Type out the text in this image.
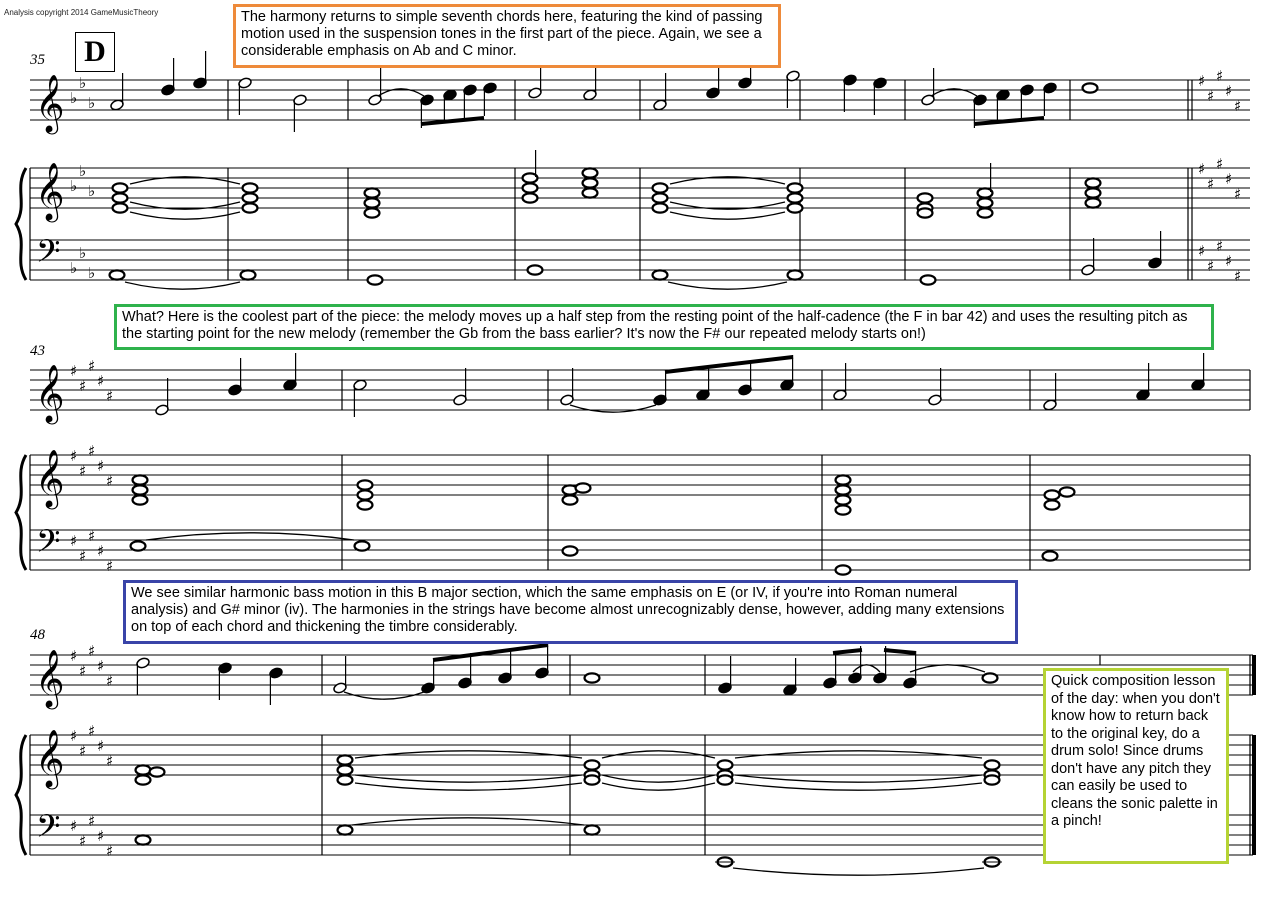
Analysis copyright 2014 GameMusicTheory
𝄞
𝄞
𝄢
♭
♭
♭
♭
♭
♭
♭
♭
♭
♯
♯
♯
♯
♯
♯
♯
♯
♯
♯
♯
♯
♯
♯
♯
𝄞
𝄞
𝄢
♯
♯
♯
♯
♯
♯
♯
♯
♯
♯
♯
♯
♯
♯
♯
𝄞
𝄞
𝄢
♯
♯
♯
♯
♯
♯
♯
♯
♯
♯
♯
♯
♯
♯
♯
D
35
43
48
The harmony returns to simple seventh chords here, featuring the kind of passing motion used in the suspension tones in the first part of the piece. Again, we see a considerable emphasis on Ab and C minor.
What? Here is the coolest part of the piece: the melody moves up a half step from the resting point of the half-cadence (the F in bar 42) and uses the resulting pitch as the starting point for the new melody (remember the Gb from the bass earlier? It's now the F# our repeated melody starts on!)
We see similar harmonic bass motion in this B major section, which the same emphasis on E (or IV, if you're into Roman numeral analysis) and G# minor (iv). The harmonies in the strings have become almost unrecognizably dense, however, adding many extensions on top of each chord and thickening the timbre considerably.
Quick composition lesson of the day: when you don't know how to return back to the original key, do a drum solo! Since drums don't have any pitch they can easily be used to cleans the sonic palette in a pinch!
